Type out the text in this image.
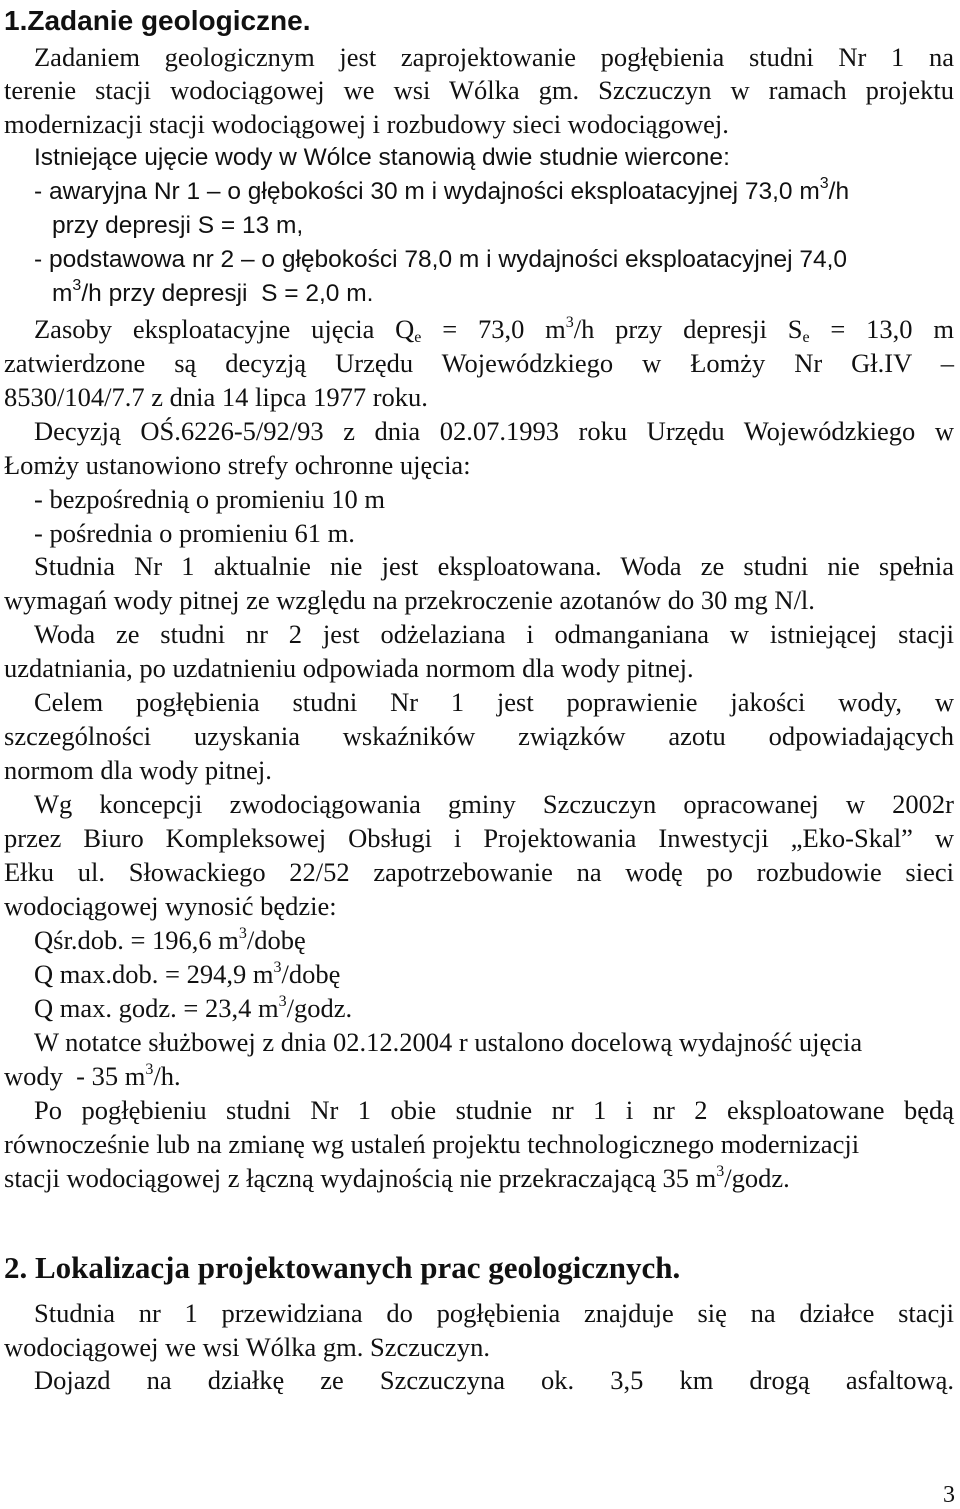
1.Zadanie geologiczne.

Zadaniem geologicznym jest zaprojektowanie pogłębienia studni Nr 1 na

terenie stacji wodociągowej we wsi Wólka gm. Szczuczyn w ramach projektu

modernizacji stacji wodociągowej i rozbudowy sieci wodociągowej.

Istniejące ujęcie wody w Wólce stanowią dwie studnie wiercone:

- awaryjna Nr 1 – o głębokości 30 m i wydajności eksploatacyjnej 73,0 $m^3/h$

przy depresji S = 13 m,

- podstawowa nr 2 – o głębokości 78,0 m i wydajności eksploatacyjnej 74,0

$m^3/h$ przy depresji  S = 2,0 m.

Zasoby eksploatacyjne ujęcia $Q_e = 73,0$ $m^3/h$ przy depresji $S_e = 13,0$ m

zatwierdzone są decyzją Urzędu Wojewódzkiego w Łomży Nr Gł.IV –

8530/104/7.7 z dnia 14 lipca 1977 roku.

Decyzją OŚ.6226-5/92/93 z dnia 02.07.1993 roku Urzędu Wojewódzkiego w

Łomży ustanowiono strefy ochronne ujęcia:

- bezpośrednią o promieniu 10 m

- pośrednia o promieniu 61 m.

Studnia Nr 1 aktualnie nie jest eksploatowana. Woda ze studni nie spełnia

wymagań wody pitnej ze względu na przekroczenie azotanów do 30 mg N/l.

Woda ze studni nr 2 jest odżelaziana i odmanganiana w istniejącej stacji

uzdatniania, po uzdatnieniu odpowiada normom dla wody pitnej.

Celem pogłębienia studni Nr 1 jest poprawienie jakości wody, w

szczególności uzyskania wskaźników związków azotu odpowiadających

normom dla wody pitnej.

Wg koncepcji zwodociągowania gminy Szczuczyn opracowanej w 2002r

przez Biuro Kompleksowej Obsługi i Projektowania Inwestycji „Eko-Skal” w

Ełku ul. Słowackiego 22/52 zapotrzebowanie na wodę po rozbudowie sieci

wodociągowej wynosić będzie:

Qśr.dob. = 196,6 $m^3$/dobę

Q max.dob. = 294,9 $m^3$/dobę

Q max. godz. = 23,4 $m^3$/godz.

W notatce służbowej z dnia 02.12.2004 r ustalono docelową wydajność ujęcia

wody  - 35 $m^3/h$.

Po pogłębieniu studni Nr 1 obie studnie nr 1 i nr 2 eksploatowane będą

równocześnie lub na zmianę wg ustaleń projektu technologicznego modernizacji

stacji wodociągowej z łączną wydajnością nie przekraczającą 35 $m^3$/godz.

2. Lokalizacja projektowanych prac geologicznych.

Studnia nr 1 przewidziana do pogłębienia znajduje się na działce stacji

wodociągowej we wsi Wólka gm. Szczuczyn.

Dojazd na działkę ze Szczuczyna ok. 3,5 km drogą asfaltową.

3
